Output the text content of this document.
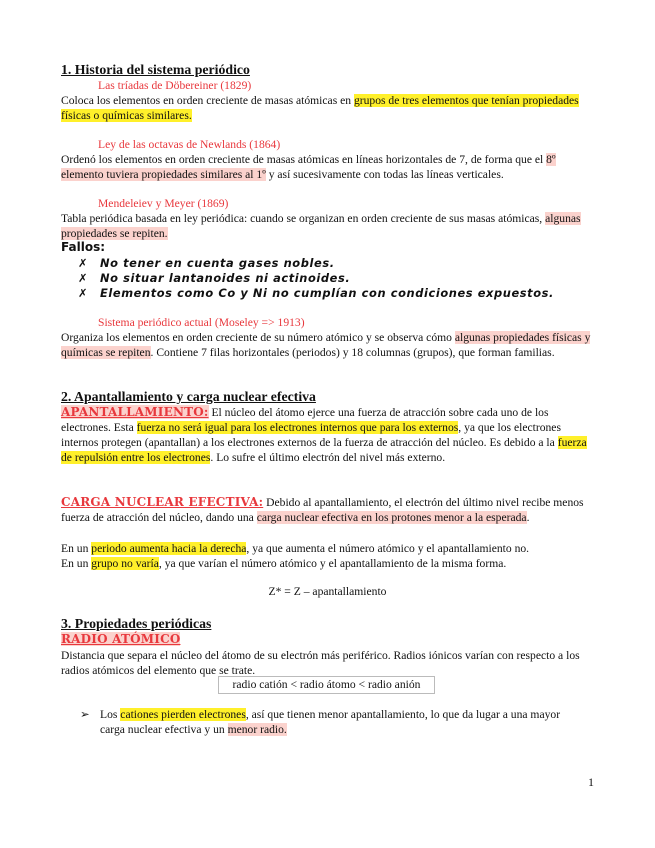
1. Historia del sistema periódico
Las tríadas de Döbereiner (1829)
Coloca los elementos en orden creciente de masas atómicas en grupos de tres elementos que tenían propiedades físicas o químicas similares.
Ley de las octavas de Newlands (1864)
Ordenó los elementos en orden creciente de masas atómicas en líneas horizontales de 7, de forma que el 8º elemento tuviera propiedades similares al 1º y así sucesivamente con todas las líneas verticales.
Mendeleiev y Meyer (1869)
Tabla periódica basada en ley periódica: cuando se organizan en orden creciente de sus masas atómicas, algunas propiedades se repiten.
Fallos:
✗ No tener en cuenta gases nobles.
✗ No situar lantanoides ni actinoides.
✗ Elementos como Co y Ni no cumplían con condiciones expuestos.
Sistema periódico actual (Moseley => 1913)
Organiza los elementos en orden creciente de su número atómico y se observa cómo algunas propiedades físicas y químicas se repiten. Contiene 7 filas horizontales (periodos) y 18 columnas (grupos), que forman familias.
2. Apantallamiento y carga nuclear efectiva
APANTALLAMIENTO: El núcleo del átomo ejerce una fuerza de atracción sobre cada uno de los electrones. Esta fuerza no será igual para los electrones internos que para los externos, ya que los electrones internos protegen (apantallan) a los electrones externos de la fuerza de atracción del núcleo. Es debido a la fuerza de repulsión entre los electrones. Lo sufre el último electrón del nivel más externo.
CARGA NUCLEAR EFECTIVA: Debido al apantallamiento, el electrón del último nivel recibe menos fuerza de atracción del núcleo, dando una carga nuclear efectiva en los protones menor a la esperada.
En un periodo aumenta hacia la derecha, ya que aumenta el número atómico y el apantallamiento no.
En un grupo no varía, ya que varían el número atómico y el apantallamiento de la misma forma.
Z* = Z – apantallamiento
3. Propiedades periódicas
RADIO ATÓMICO
Distancia que separa el núcleo del átomo de su electrón más periférico. Radios iónicos varían con respecto a los radios atómicos del elemento que se trate.
radio catión < radio átomo < radio anión
➢ Los cationes pierden electrones, así que tienen menor apantallamiento, lo que da lugar a una mayor carga nuclear efectiva y un menor radio.
1
